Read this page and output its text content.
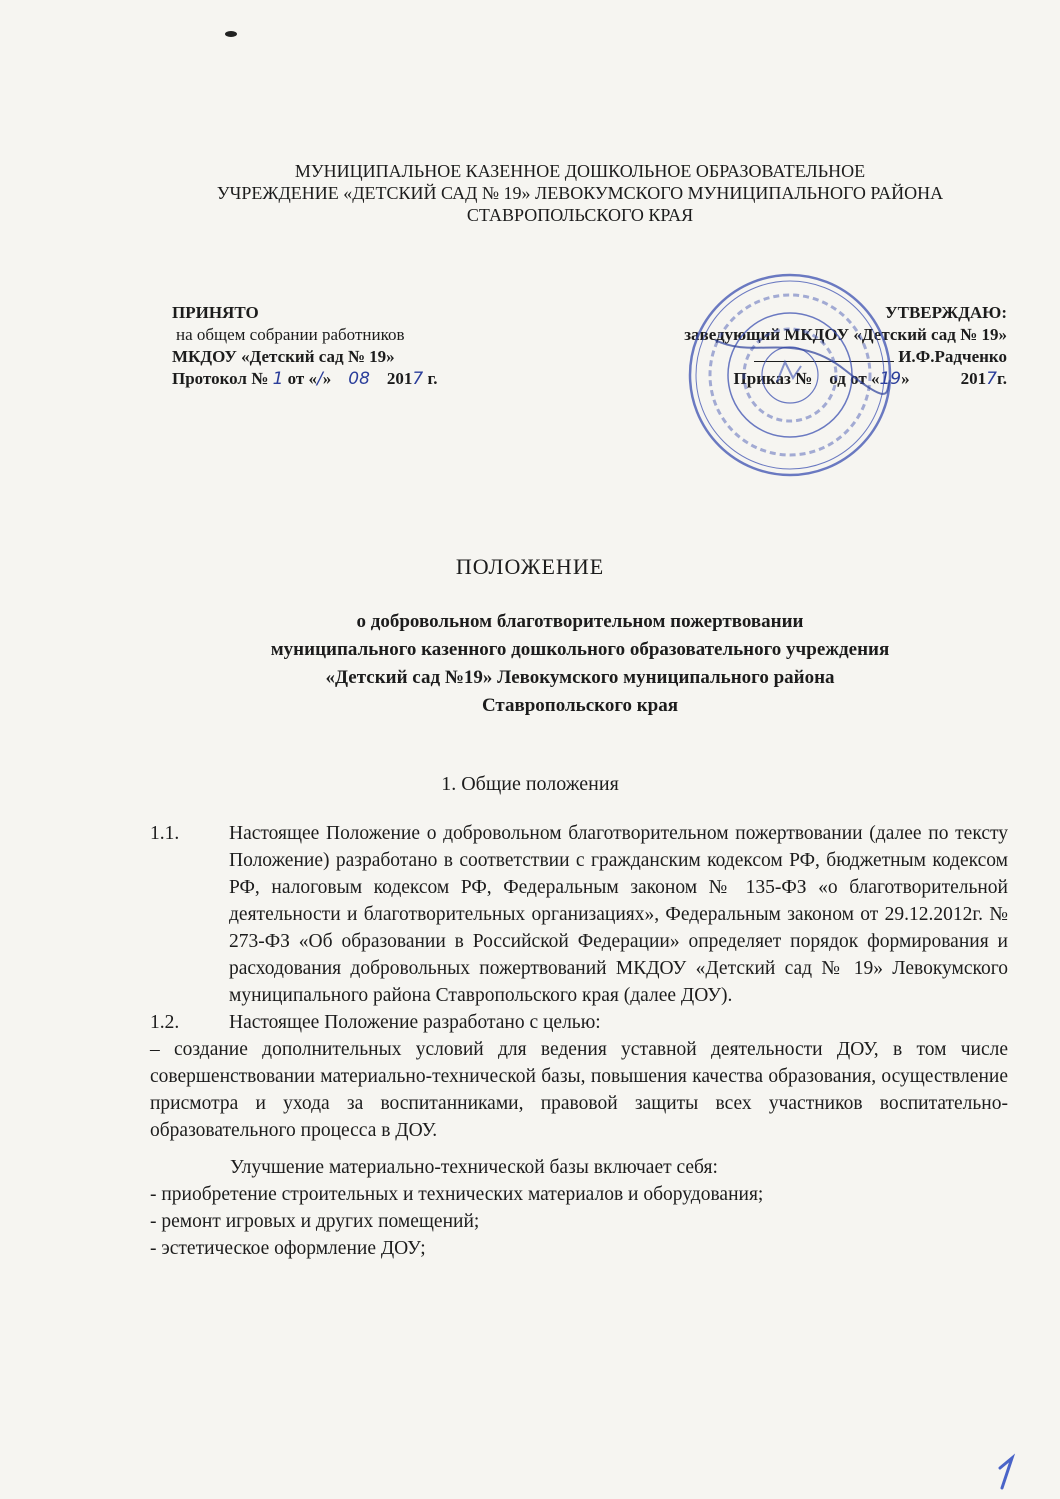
МУНИЦИПАЛЬНОЕ КАЗЕННОЕ ДОШКОЛЬНОЕ ОБРАЗОВАТЕЛЬНОЕ
УЧРЕЖДЕНИЕ «ДЕТСКИЙ САД № 19» ЛЕВОКУМСКОГО МУНИЦИПАЛЬНОГО РАЙОНА
СТАВРОПОЛЬСКОГО КРАЯ
ПРИНЯТО
на общем собрании работников
МКДОУ «Детский сад № 19»
Протокол № 1 от «/» 08 2017 г.
УТВЕРЖДАЮ:
заведующий МКДОУ «Детский сад № 19»
И.Ф.Радченко
Приказ № од от «19»	2017г.
ПОЛОЖЕНИЕ
о добровольном благотворительном пожертвовании
муниципального казенного дошкольного образовательного учреждения
«Детский сад №19» Левокумского муниципального района
Ставропольского края
1. Общие положения
1.1.	Настоящее Положение о добровольном благотворительном пожертвовании (далее по тексту Положение) разработано в соответствии с гражданским кодексом РФ, бюджетным кодексом РФ, налоговым кодексом РФ, Федеральным законом № 135-ФЗ «о благотворительной деятельности и благотворительных организациях», Федеральным законом от 29.12.2012г. № 273-ФЗ «Об образовании в Российской Федерации» определяет порядок формирования и расходования добровольных пожертвований МКДОУ «Детский сад № 19» Левокумского муниципального района Ставропольского края (далее ДОУ).
1.2.	Настоящее Положение разработано с целью:

– создание дополнительных условий для ведения уставной деятельности ДОУ, в том числе совершенствовании материально-технической базы, повышения качества образования, осуществление присмотра и ухода за воспитанниками, правовой защиты всех участников воспитательно-образовательного процесса в ДОУ.

Улучшение материально-технической базы включает себя:

- приобретение строительных и технических материалов и оборудования;
- ремонт игровых и других помещений;
- эстетическое оформление ДОУ;
1
